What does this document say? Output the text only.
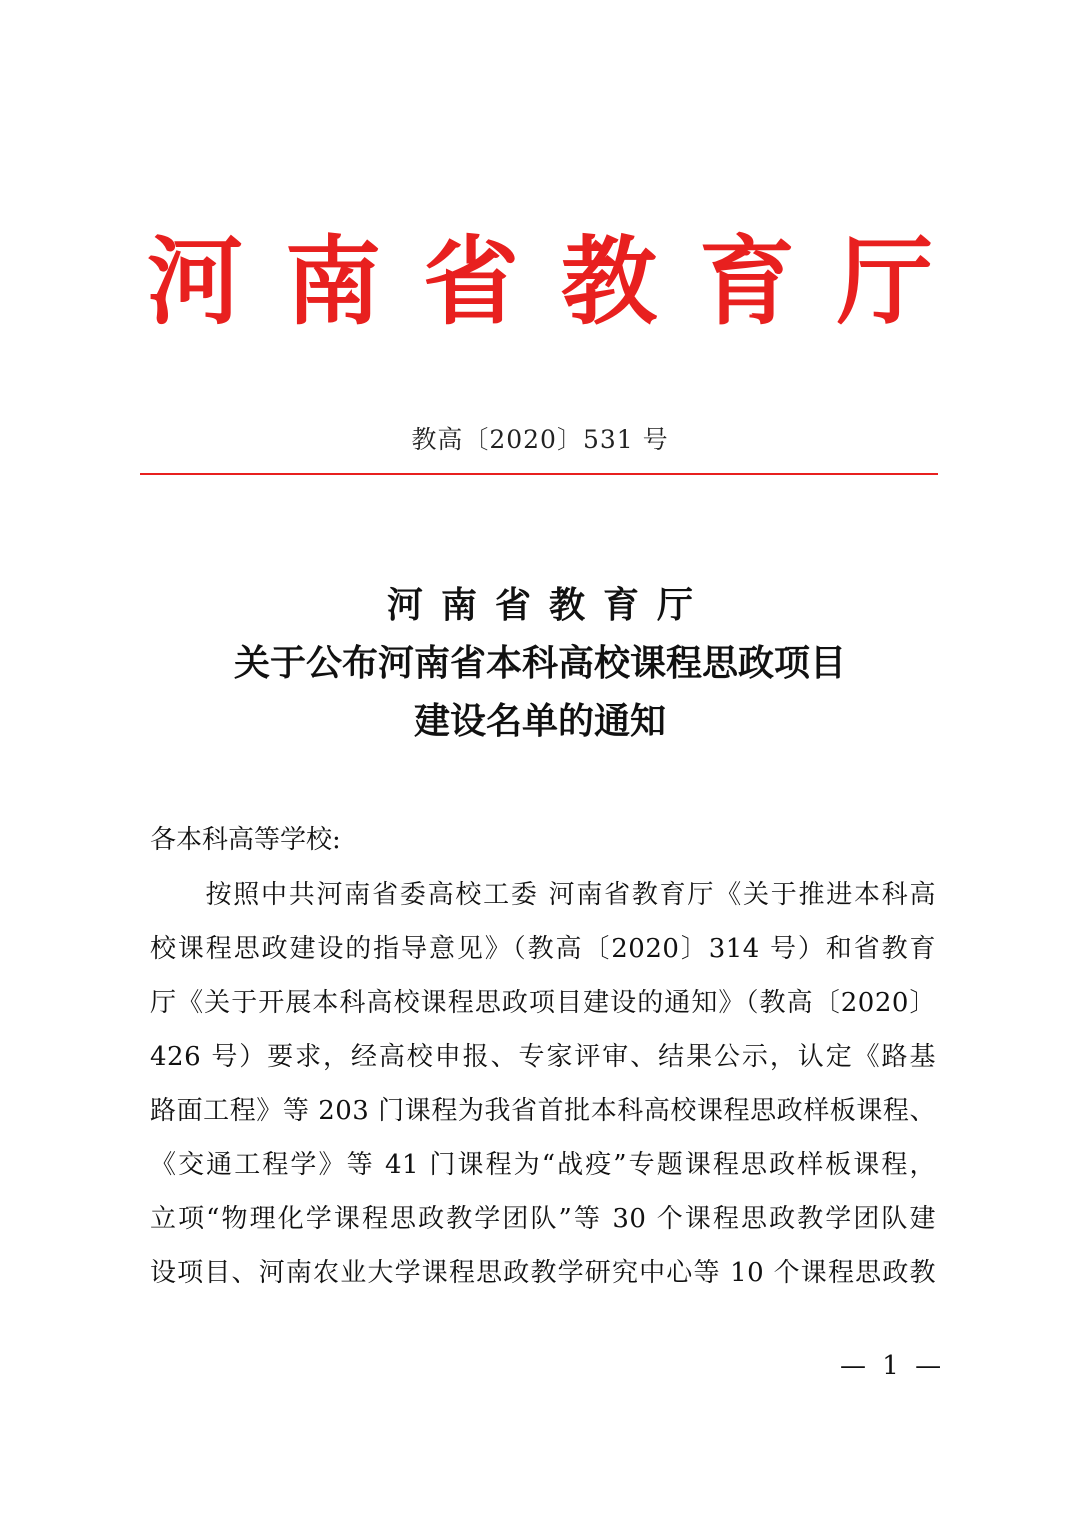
河 南 省 教 育 厅
教高〔2020〕531 号
河南省教育厅
关于公布河南省本科高校课程思政项目
建设名单的通知
各本科高等学校:
　　按照中共河南省委高校工委 河南省教育厅《关于推进本科高
校课程思政建设的指导意见》（教高〔2020〕314 号）和省教育
厅《关于开展本科高校课程思政项目建设的通知》（教高〔2020〕
426 号）要求，经高校申报、专家评审、结果公示，认定《路基
路面工程》等 203 门课程为我省首批本科高校课程思政样板课程、
《交通工程学》等 41 门课程为“战疫”专题课程思政样板课程，
立项“物理化学课程思政教学团队”等 30 个课程思政教学团队建
设项目、河南农业大学课程思政教学研究中心等 10 个课程思政教
— 1 —
